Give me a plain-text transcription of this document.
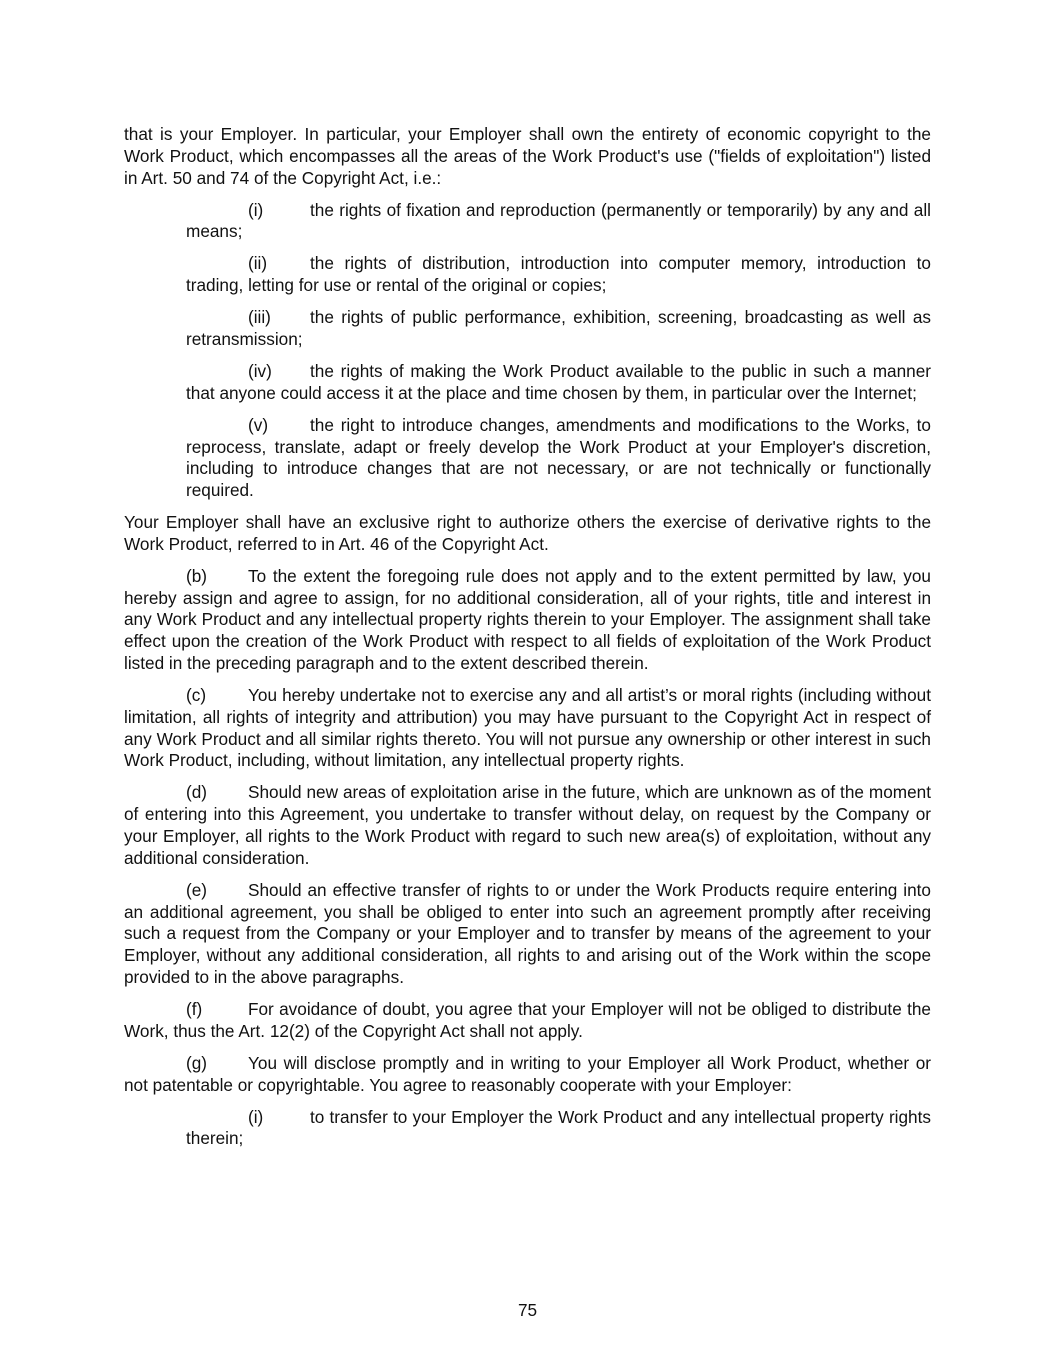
that is your Employer. In particular, your Employer shall own the entirety of economic copyright to the Work Product, which encompasses all the areas of the Work Product's use ("fields of exploitation") listed in Art. 50 and 74 of the Copyright Act, i.e.:

(i)	the rights of fixation and reproduction (permanently or temporarily) by any and all means;

(ii) the rights of distribution, introduction into computer memory, introduction to trading, letting for use or rental of the original or copies;

(iii) the rights of public performance, exhibition, screening, broadcasting as well as retransmission;

(iv) the rights of making the Work Product available to the public in such a manner that anyone could access it at the place and time chosen by them, in particular over the Internet;

(v) the right to introduce changes, amendments and modifications to the Works, to reprocess, translate, adapt or freely develop the Work Product at your Employer's discretion, including to introduce changes that are not necessary, or are not technically or functionally required.

Your Employer shall have an exclusive right to authorize others the exercise of derivative rights to the Work Product, referred to in Art. 46 of the Copyright Act.

(b) To the extent the foregoing rule does not apply and to the extent permitted by law, you hereby assign and agree to assign, for no additional consideration, all of your rights, title and interest in any Work Product and any intellectual property rights therein to your Employer. The assignment shall take effect upon the creation of the Work Product with respect to all fields of exploitation of the Work Product listed in the preceding paragraph and to the extent described therein.

(c) You hereby undertake not to exercise any and all artist’s or moral rights (including without limitation, all rights of integrity and attribution) you may have pursuant to the Copyright Act in respect of any Work Product and all similar rights thereto. You will not pursue any ownership or other interest in such Work Product, including, without limitation, any intellectual property rights.

(d) Should new areas of exploitation arise in the future, which are unknown as of the moment of entering into this Agreement, you undertake to transfer without delay, on request by the Company or your Employer, all rights to the Work Product with regard to such new area(s) of exploitation, without any additional consideration.

(e) Should an effective transfer of rights to or under the Work Products require entering into an additional agreement, you shall be obliged to enter into such an agreement promptly after receiving such a request from the Company or your Employer and to transfer by means of the agreement to your Employer, without any additional consideration, all rights to and arising out of the Work within the scope provided to in the above paragraphs.

(f)	For avoidance of doubt, you agree that your Employer will not be obliged to distribute the Work, thus the Art. 12(2) of the Copyright Act shall not apply.

(g) You will disclose promptly and in writing to your Employer all Work Product, whether or not patentable or copyrightable. You agree to reasonably cooperate with your Employer:

(i)	to transfer to your Employer the Work Product and any intellectual property rights therein;

75
